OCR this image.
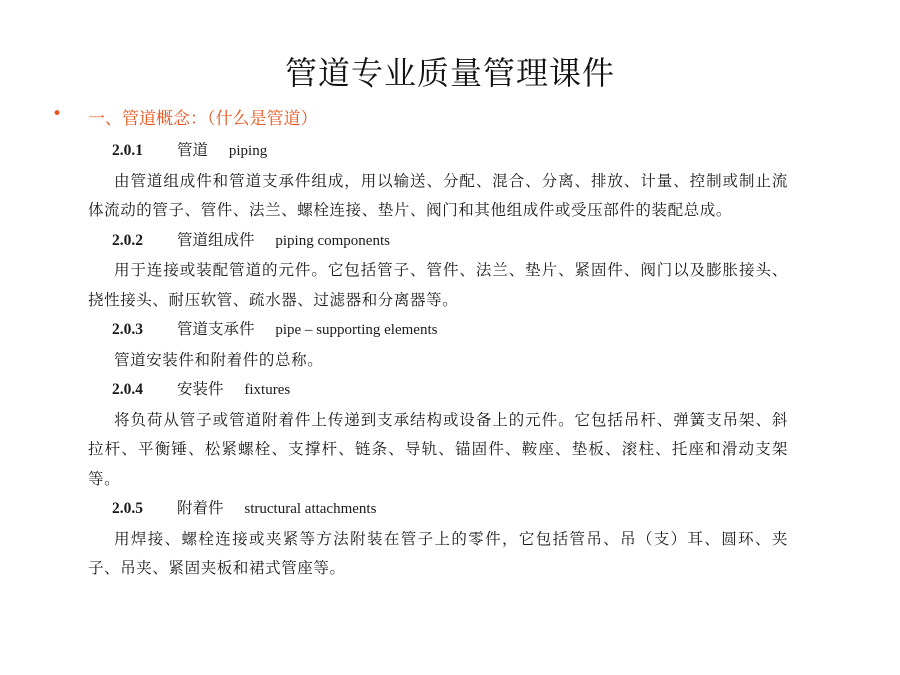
管道专业质量管理课件
• 一、管道概念：（什么是管道）
2.0.1 管道 piping
由管道组成件和管道支承件组成，用以输送、分配、混合、分离、排放、计量、控制或制止流体流动的管子、管件、法兰、螺栓连接、垫片、阀门和其他组成件或受压部件的装配总成。
2.0.2 管道组成件 piping components
用于连接或装配管道的元件。它包括管子、管件、法兰、垫片、紧固件、阀门以及膨胀接头、挠性接头、耐压软管、疏水器、过滤器和分离器等。
2.0.3 管道支承件 pipe – supporting elements
管道安装件和附着件的总称。
2.0.4 安装件 fixtures
将负荷从管子或管道附着件上传递到支承结构或设备上的元件。它包括吊杆、弹簧支吊架、斜拉杆、平衡锤、松紧螺栓、支撑杆、链条、导轨、锚固件、鞍座、垫板、滚柱、托座和滑动支架等。
2.0.5 附着件 structural attachments
用焊接、螺栓连接或夹紧等方法附装在管子上的零件，它包括管吊、吊（支）耳、圆环、夹子、吊夹、紧固夹板和裙式管座等。
